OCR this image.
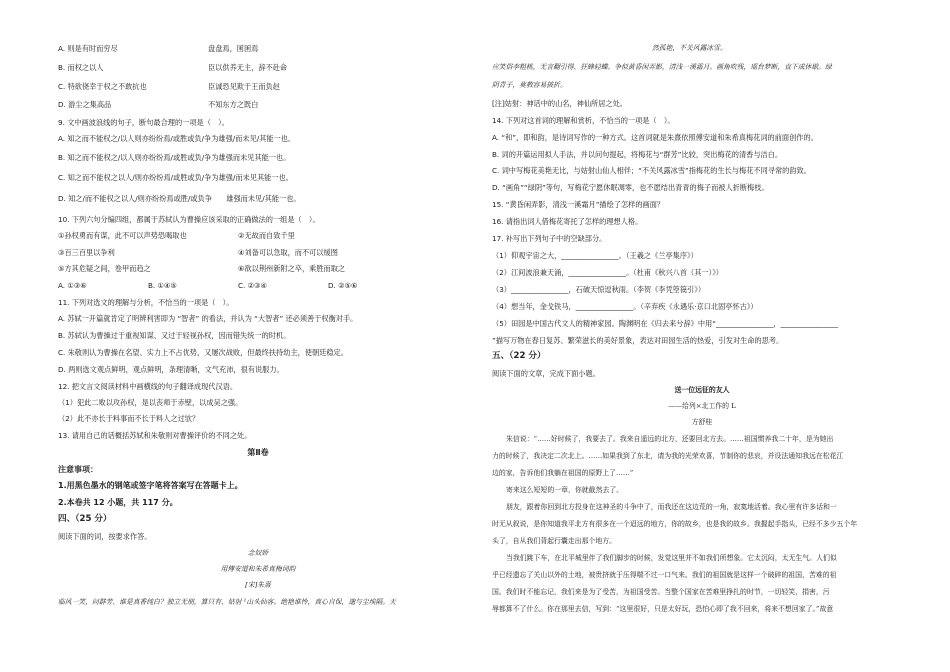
A. 则是有时而穷尽	盘盘焉，囷囷焉
B. 而权之以人	臣以供养无主，辞不赴命
C. 特欲侥幸于权之不敢抗也	臣诚恐见欺于王而负赵
D. 游尘之集高品	不知东方之既白
9. 文中画波浪线的句子，断句最合理的一项是（　）。
A. 知之而不能权之/以人则亦纷纷焉/或胜或负/争为雄强/而未见/其能一也。
B. 知之而不能权之/以人则亦纷纷焉/或胜或负/争为雄强而未见其能一也。
C. 知之而不能权之以人/则亦纷纷焉/或胜或负/争为雄强/而未见其能一也。
D. 知之/而不能权之以人/则亦纷纷焉或胜/或负争　　雄强而未见/其能一也。
10. 下列六句分编四组，都属于苏轼认为曹操应该采取的正确做法的一组是（　）。
①孙权勇而有谋，此不可以声势恐喝取也	②无故而自致千里
③百三百里以争利	④刘备可以急取，而不可以缓图
⑤方其危疑之间，卷甲而趋之	⑥欲以荆州新附之卒，乘胜而取之
A. ①③⑥	B. ①④⑤	C. ②③④	D. ②⑤⑥
11. 下列对选文的理解与分析，不恰当的一项是（　）。
A. 苏轼一开篇就肯定了明辨利害即为 “智者” 的看法，并认为 “大智者” 还必须善于权衡对手。
B. 苏轼认为曹操过于重视知谋、又过于轻视孙权，因而错失统一的时机。
C. 朱敬则认为曹操在名望、实力上不占优势，又屡次战败，但最终扶持幼主，使朝廷稳定。
D. 两则选文观点鲜明，观点鲜明，条理清晰，文气充沛，很有说服力。
12. 把文言文阅读材料中画横线的句子翻译成现代汉语。
（1）犯此二败以攻孙权，是以丧师于赤壁，以成吴之强。
（2）此不亦长于料事而不长于料人之过欤？
13. 请用自己的话概括苏轼和朱敬则对曹操评价的不同之处。
第Ⅱ卷
注意事项：
1.用黑色墨水的钢笔或签字笔将答案写在答题卡上。
2.本卷共 12 小题，共 117 分。
四、（25 分）
阅读下面的词，按要求作答。
念奴娇
用傅安道和朱希真梅词韵
[宋]朱熹
临风一笑，问群芳、谁是真香纯白？独立无朋，算只有、姑射 ¹山头仙客。绝艳谁怜，真心自保，邈与尘埃隔。天
然孤艳，不关风露冰雪。
应笑俗李粗桃，无言翻引得、狂蜂轻蝶。争似黄昏闲弄影，清浅一溪霜月。画角吹残，瑶台梦断，直下成休歇。绿
阴青子，莫教容易披折。
[注]姑射：神话中的山名，神仙所居之处。
14. 下列对这首词的理解和赏析，不恰当的一项是（　）。
A. “和”，即和韵，是诗词写作的一种方式。这首词就是朱熹依照傅安道和朱希真梅花词的前面创作的。
B. 词的开篇运用拟人手法，并以问句提起，将梅花与“群芳”比较，突出梅花的清香与洁白。
C. 词中写梅花美艳无比，与姑射山仙人相伴；“不关风露冰雪”指梅花的生长与梅花不同寻常的韵致。
D. “画角”“绿阴”等句，写梅花宁愿休眠凋零，也不愿结出青青的梅子而被人折断梅枝。
15. “黄昏闲弄影，清浅一溪霜月”描绘了怎样的画面？
16. 请指出词人借梅花寄托了怎样的理想人格。
17. 补写出下列句子中的空缺部分。
（1）仰观宇宙之大，________________。（王羲之《兰亭集序》）
（2）江间波浪兼天涌，________________。（杜甫《秋兴八首（其一）》）
（3）________________，石破天惊逗秋雨。（李贺《李凭箜篌引》）
（4）想当年，金戈铁马，________________。（辛弃疾《永遇乐·京口北固亭怀古》）
（5）田园是中国古代文人的精神家园。陶渊明在《归去来兮辞》中用“________________，________________
”描写万物在春日复苏、繁荣滋长的美好景象，表达对田园生活的热爱，引发对生命的思考。
五、（22 分）
阅读下面的文章，完成下面小题。
送一位远征的友人
——给列×北工作的 L
方舒桂
朱信说：“……好时候了，我要去了。我来自遥远的北方，还要回北方去。……祖国惯养我二十年，是为她出
力的时候了，我决定二次北上。……如果我到了东北，请为我的光荣欢喜，节制你的悲哀，并设法通知我远在松花江
边的家，告诉他们我躺在祖国的原野上了……”
寄来这么短短的一章，你就截然去了。
朋友，跟着你回到北方投身在这神圣的斗争中了，而我还在这边荒的一角，寂寞地活着。我心里有许多话和一
时无从叙说，是你知道我平北方有很多在一个迢远的地方，你的故乡，也是我的故乡。我握起手指头，已经不多少五个年
头了，自从我们背起行囊走出那个地方。
当我们跳下车，在北平城里伴了我们脚步的时候，发觉这里并不如我们所想象。它太沉闷，太无生气。人们似
乎已经遗忘了关山以外的土地，被贵挤就于压得喘不过一口气来。我们的祖国就是这样一个破碎的祖国，苦难的祖
国。我们时不能忘记，我们来是为了受苦，为祖国受苦。当整个国家在苦难里挣扎的时节，一切轻笑，捐害，污
辱都算不了什么。你在那里去信，写到：“这里很好，只是太好玩，恐怕心即了我不回来，将来不想回家了。”故意
